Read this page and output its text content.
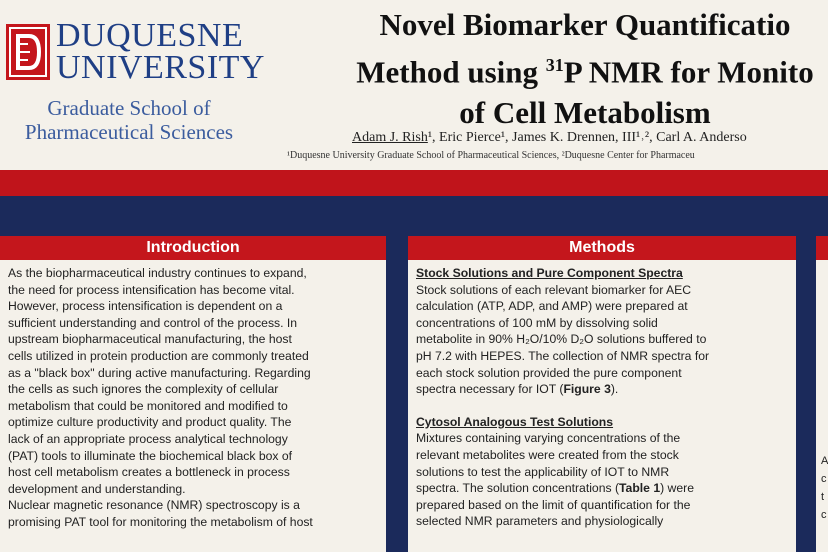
DUQUESNE
UNIVERSITY
Graduate School of
Pharmaceutical Sciences
Novel Biomarker Quantificatio
Method using $^{31}$P NMR for Monito
of Cell Metabolism
Adam J. Rish¹, Eric Pierce¹, James K. Drennen, III¹˒², Carl A. Anderso
¹Duquesne University Graduate School of Pharmaceutical Sciences, ²Duquesne Center for Pharmaceu
Introduction
As the biopharmaceutical industry continues to expand,
the need for process intensification has become vital.
However, process intensification is dependent on a
sufficient understanding and control of the process. In
upstream biopharmaceutical manufacturing, the host
cells utilized in protein production are commonly treated
as a "black box" during active manufacturing. Regarding
the cells as such ignores the complexity of cellular
metabolism that could be monitored and modified to
optimize culture productivity and product quality. The
lack of an appropriate process analytical technology
(PAT) tools to illuminate the biochemical black box of
host cell metabolism creates a bottleneck in process
development and understanding.
Nuclear magnetic resonance (NMR) spectroscopy is a
promising PAT tool for monitoring the metabolism of host
Methods
Stock Solutions and Pure Component Spectra
Stock solutions of each relevant biomarker for AEC
calculation (ATP, ADP, and AMP) were prepared at
concentrations of 100 mM by dissolving solid
metabolite in 90% H₂O/10% D₂O solutions buffered to
pH 7.2 with HEPES. The collection of NMR spectra for
each stock solution provided the pure component
spectra necessary for IOT (Figure 3).
Cytosol Analogous Test Solutions
Mixtures containing varying concentrations of the
relevant metabolites were created from the stock
solutions to test the applicability of IOT to NMR
spectra. The solution concentrations (Table 1) were
prepared based on the limit of quantification for the
selected NMR parameters and physiologically
A
c
t
c
